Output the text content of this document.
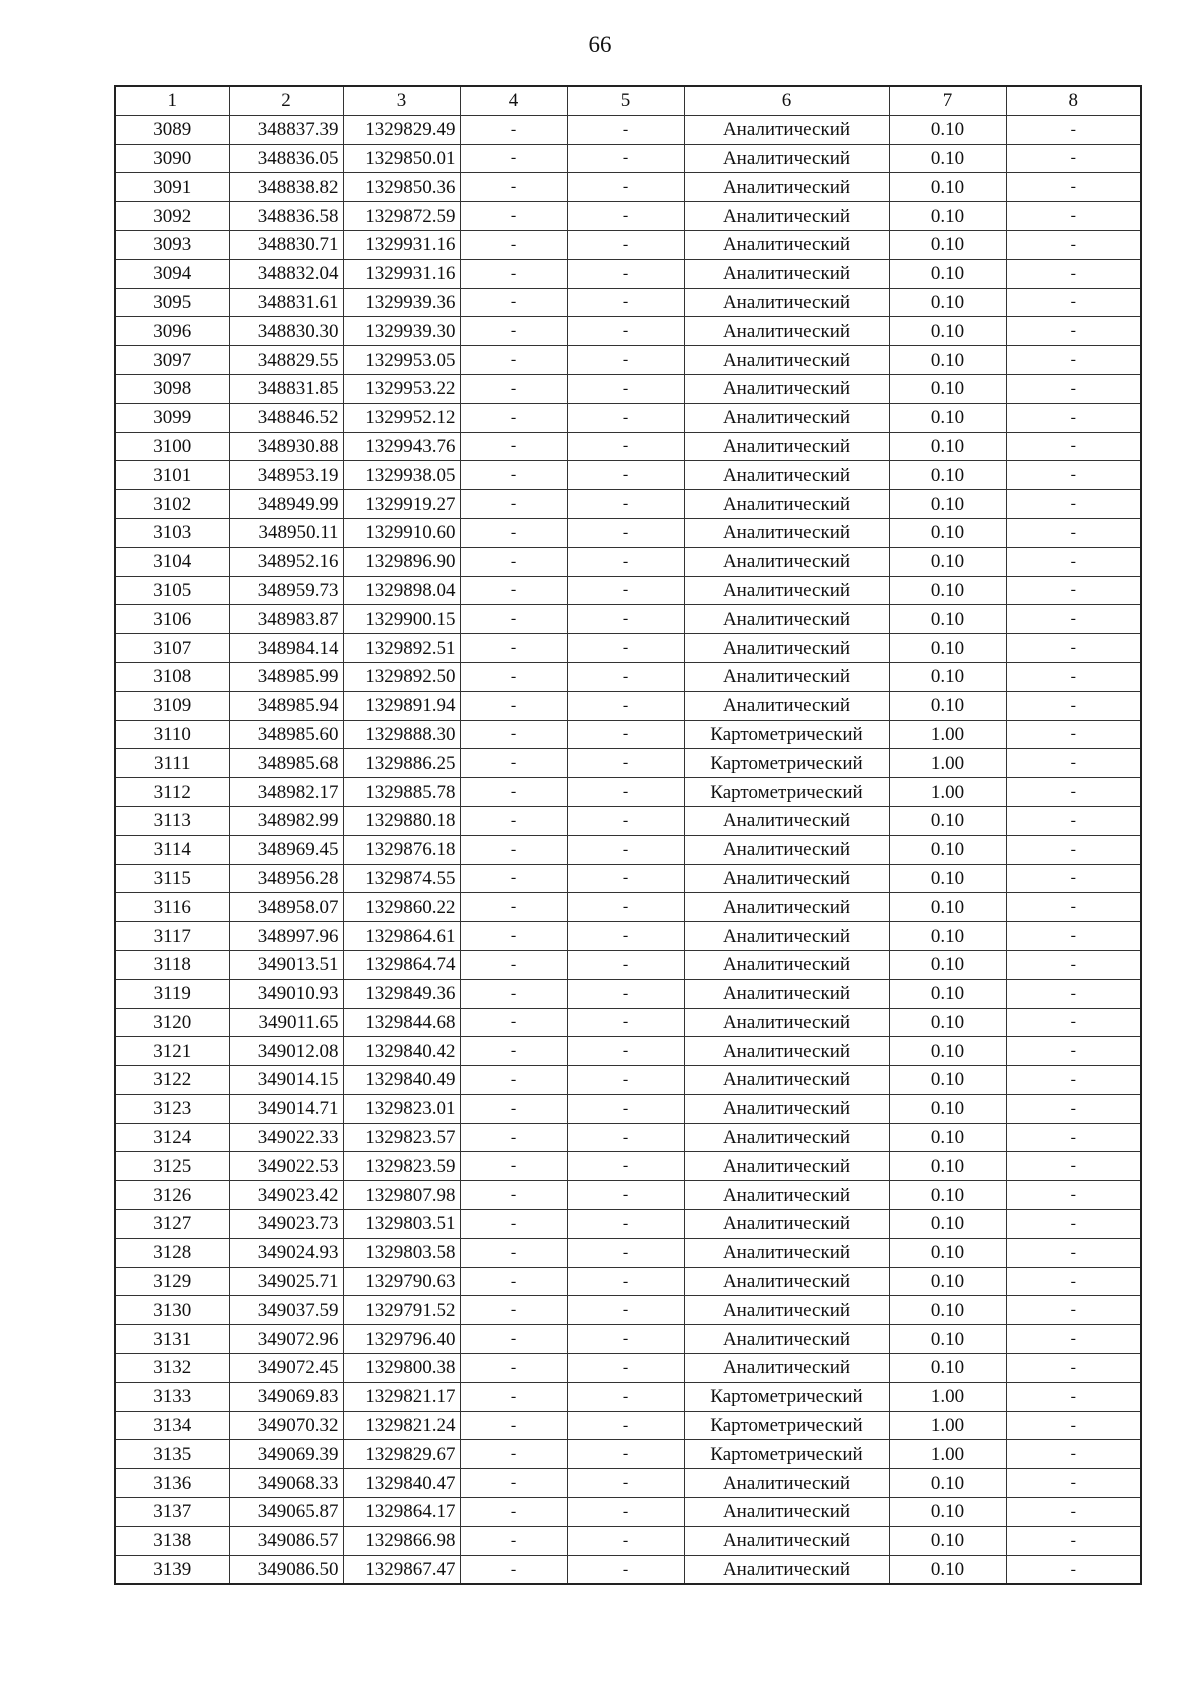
66
1	2	3	4	5	6	7	8
3089	348837.39	1329829.49	-	-	Аналитический	0.10	-
3090	348836.05	1329850.01	-	-	Аналитический	0.10	-
3091	348838.82	1329850.36	-	-	Аналитический	0.10	-
3092	348836.58	1329872.59	-	-	Аналитический	0.10	-
3093	348830.71	1329931.16	-	-	Аналитический	0.10	-
3094	348832.04	1329931.16	-	-	Аналитический	0.10	-
3095	348831.61	1329939.36	-	-	Аналитический	0.10	-
3096	348830.30	1329939.30	-	-	Аналитический	0.10	-
3097	348829.55	1329953.05	-	-	Аналитический	0.10	-
3098	348831.85	1329953.22	-	-	Аналитический	0.10	-
3099	348846.52	1329952.12	-	-	Аналитический	0.10	-
3100	348930.88	1329943.76	-	-	Аналитический	0.10	-
3101	348953.19	1329938.05	-	-	Аналитический	0.10	-
3102	348949.99	1329919.27	-	-	Аналитический	0.10	-
3103	348950.11	1329910.60	-	-	Аналитический	0.10	-
3104	348952.16	1329896.90	-	-	Аналитический	0.10	-
3105	348959.73	1329898.04	-	-	Аналитический	0.10	-
3106	348983.87	1329900.15	-	-	Аналитический	0.10	-
3107	348984.14	1329892.51	-	-	Аналитический	0.10	-
3108	348985.99	1329892.50	-	-	Аналитический	0.10	-
3109	348985.94	1329891.94	-	-	Аналитический	0.10	-
3110	348985.60	1329888.30	-	-	Картометрический	1.00	-
3111	348985.68	1329886.25	-	-	Картометрический	1.00	-
3112	348982.17	1329885.78	-	-	Картометрический	1.00	-
3113	348982.99	1329880.18	-	-	Аналитический	0.10	-
3114	348969.45	1329876.18	-	-	Аналитический	0.10	-
3115	348956.28	1329874.55	-	-	Аналитический	0.10	-
3116	348958.07	1329860.22	-	-	Аналитический	0.10	-
3117	348997.96	1329864.61	-	-	Аналитический	0.10	-
3118	349013.51	1329864.74	-	-	Аналитический	0.10	-
3119	349010.93	1329849.36	-	-	Аналитический	0.10	-
3120	349011.65	1329844.68	-	-	Аналитический	0.10	-
3121	349012.08	1329840.42	-	-	Аналитический	0.10	-
3122	349014.15	1329840.49	-	-	Аналитический	0.10	-
3123	349014.71	1329823.01	-	-	Аналитический	0.10	-
3124	349022.33	1329823.57	-	-	Аналитический	0.10	-
3125	349022.53	1329823.59	-	-	Аналитический	0.10	-
3126	349023.42	1329807.98	-	-	Аналитический	0.10	-
3127	349023.73	1329803.51	-	-	Аналитический	0.10	-
3128	349024.93	1329803.58	-	-	Аналитический	0.10	-
3129	349025.71	1329790.63	-	-	Аналитический	0.10	-
3130	349037.59	1329791.52	-	-	Аналитический	0.10	-
3131	349072.96	1329796.40	-	-	Аналитический	0.10	-
3132	349072.45	1329800.38	-	-	Аналитический	0.10	-
3133	349069.83	1329821.17	-	-	Картометрический	1.00	-
3134	349070.32	1329821.24	-	-	Картометрический	1.00	-
3135	349069.39	1329829.67	-	-	Картометрический	1.00	-
3136	349068.33	1329840.47	-	-	Аналитический	0.10	-
3137	349065.87	1329864.17	-	-	Аналитический	0.10	-
3138	349086.57	1329866.98	-	-	Аналитический	0.10	-
3139	349086.50	1329867.47	-	-	Аналитический	0.10	-
